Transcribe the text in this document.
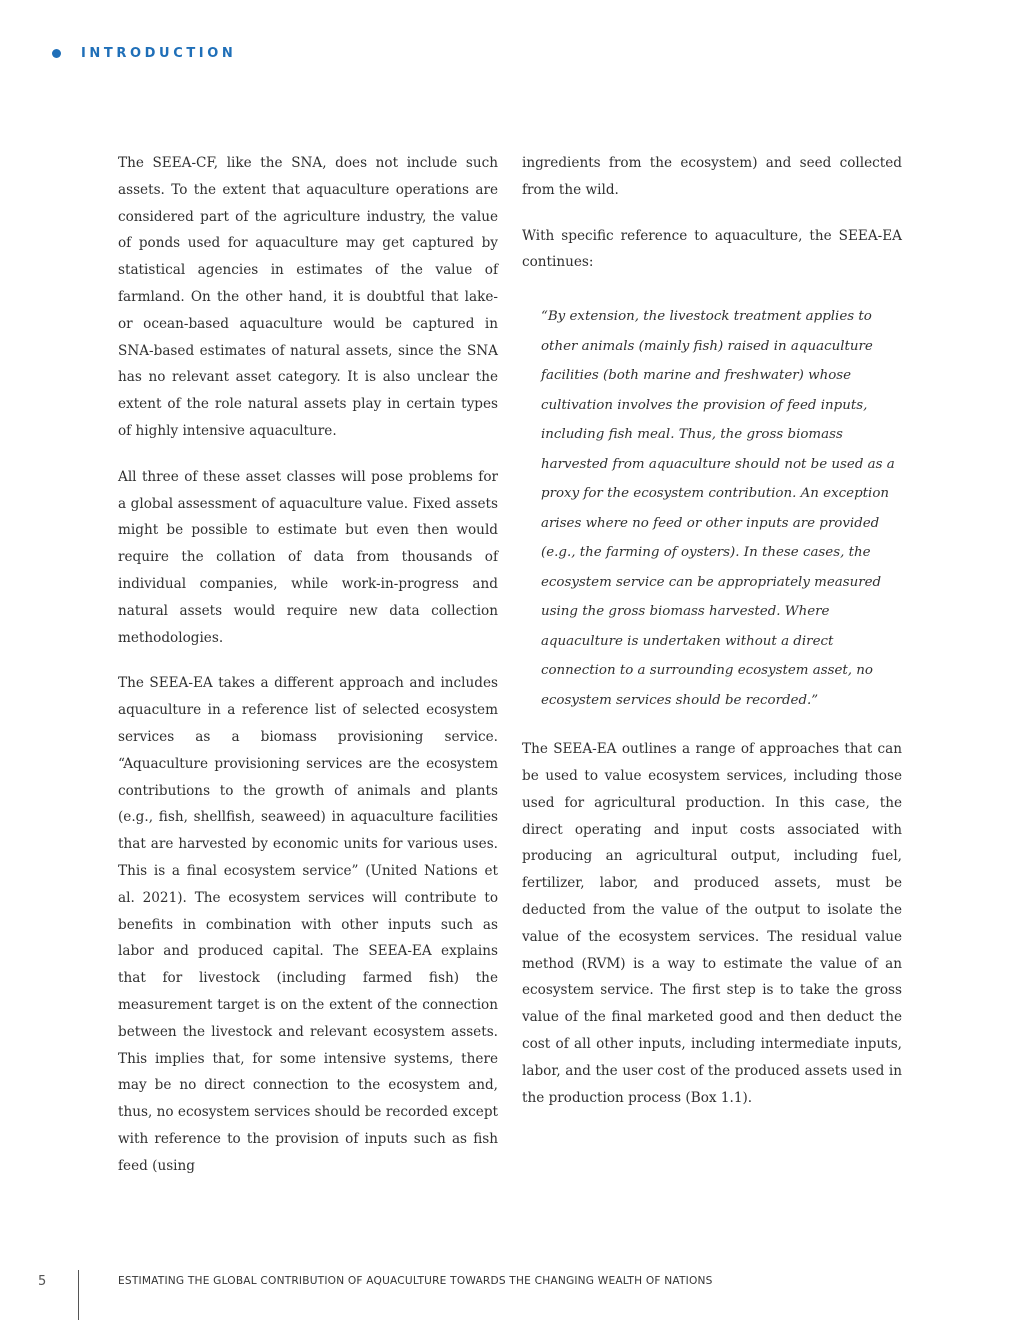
INTRODUCTION

The SEEA-CF, like the SNA, does not include such assets. To the extent that aquaculture operations are considered part of the agriculture industry, the value of ponds used for aquaculture may get captured by statistical agencies in estimates of the value of farmland. On the other hand, it is doubtful that lake- or ocean-based aquaculture would be captured in SNA-based estimates of natural assets, since the SNA has no relevant asset category. It is also unclear the extent of the role natural assets play in certain types of highly intensive aquaculture.

All three of these asset classes will pose problems for a global assessment of aquaculture value. Fixed assets might be possible to estimate but even then would require the collation of data from thousands of individual companies, while work-in-progress and natural assets would require new data collection methodologies.

The SEEA-EA takes a different approach and includes aquaculture in a reference list of selected ecosystem services as a biomass provisioning service. “Aquaculture provisioning services are the ecosystem contributions to the growth of animals and plants (e.g., fish, shellfish, seaweed) in aquaculture facilities that are harvested by economic units for various uses. This is a final ecosystem service” (United Nations et al. 2021). The ecosystem services will contribute to benefits in combination with other inputs such as labor and produced capital. The SEEA-EA explains that for livestock (including farmed fish) the measurement target is on the extent of the connection between the livestock and relevant ecosystem assets. This implies that, for some intensive systems, there may be no direct connection to the ecosystem and, thus, no ecosystem services should be recorded except with reference to the provision of inputs such as fish feed (using

ingredients from the ecosystem) and seed collected from the wild.

With specific reference to aquaculture, the SEEA-EA continues:

“By extension, the livestock treatment applies to other animals (mainly fish) raised in aquaculture facilities (both marine and freshwater) whose cultivation involves the provision of feed inputs, including fish meal. Thus, the gross biomass harvested from aquaculture should not be used as a proxy for the ecosystem contribution. An exception arises where no feed or other inputs are provided (e.g., the farming of oysters). In these cases, the ecosystem service can be appropriately measured using the gross biomass harvested. Where aquaculture is undertaken without a direct connection to a surrounding ecosystem asset, no ecosystem services should be recorded.”

The SEEA-EA outlines a range of approaches that can be used to value ecosystem services, including those used for agricultural production. In this case, the direct operating and input costs associated with producing an agricultural output, including fuel, fertilizer, labor, and produced assets, must be deducted from the value of the output to isolate the value of the ecosystem services. The residual value method (RVM) is a way to estimate the value of an ecosystem service. The first step is to take the gross value of the final marketed good and then deduct the cost of all other inputs, including intermediate inputs, labor, and the user cost of the produced assets used in the production process (Box 1.1).

5	ESTIMATING THE GLOBAL CONTRIBUTION OF AQUACULTURE TOWARDS THE CHANGING WEALTH OF NATIONS
